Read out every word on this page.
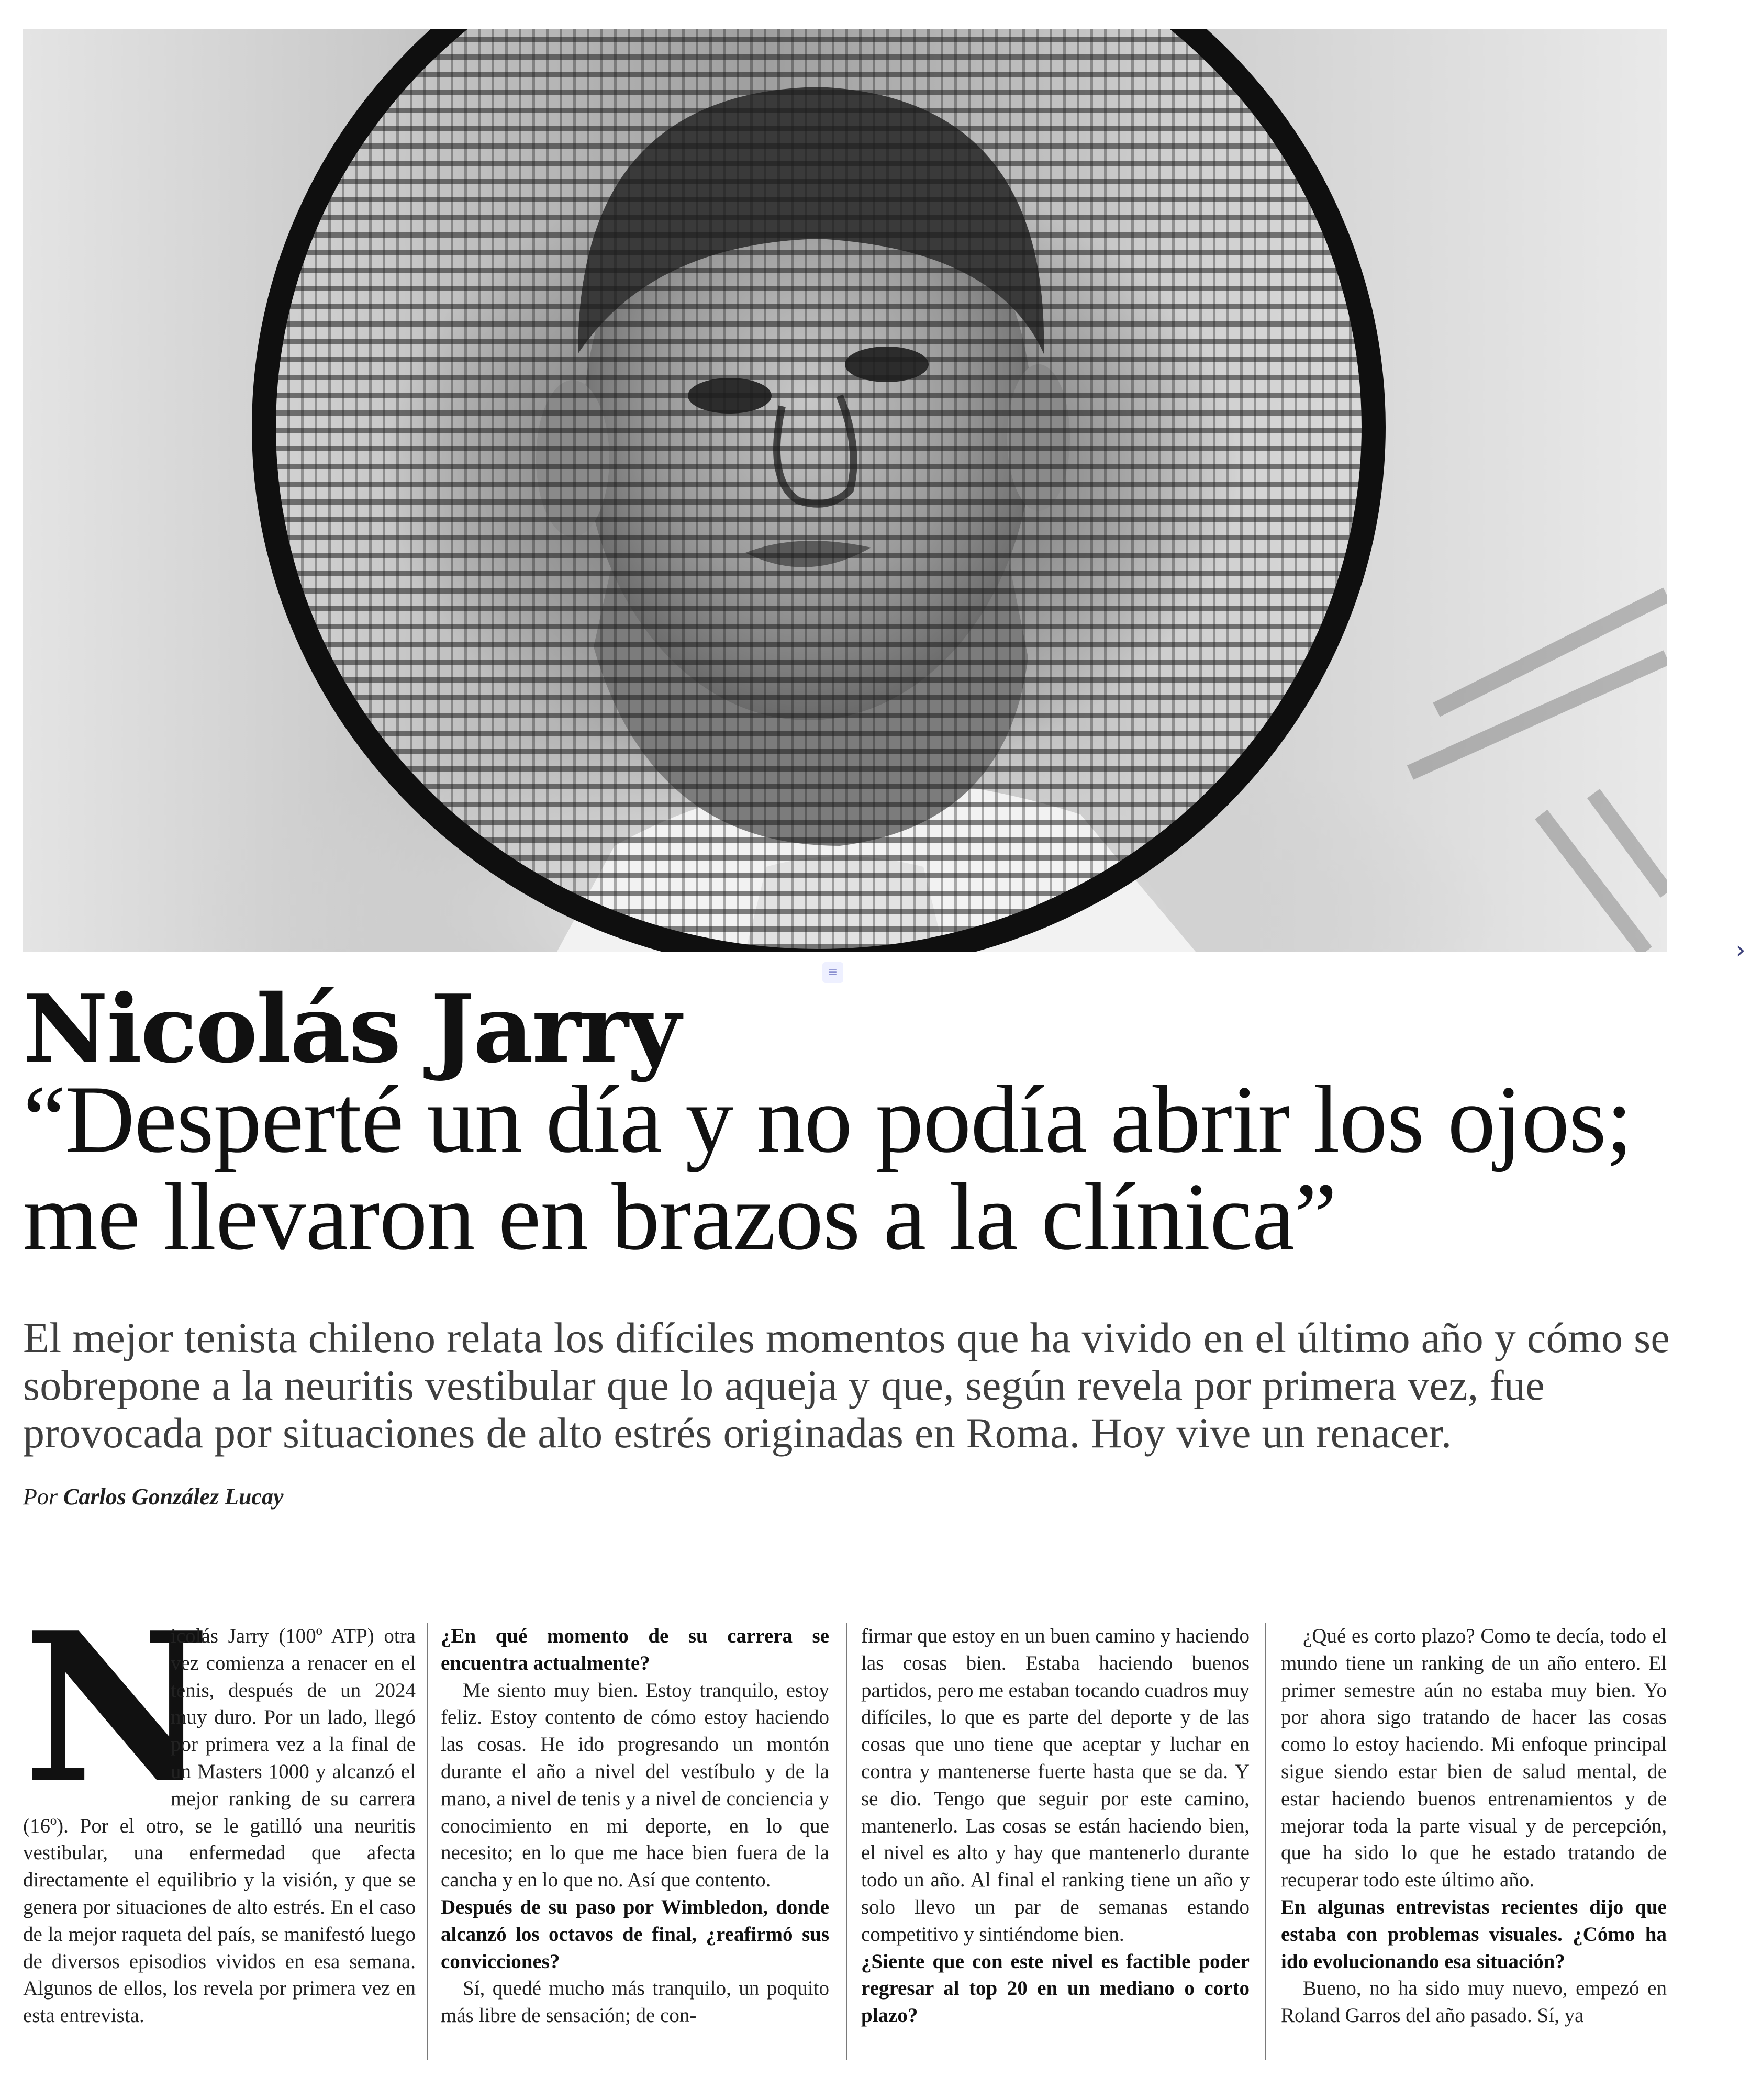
≡
›
Nicolás Jarry
“Desperté un día y no podía abrir los ojos; me llevaron en brazos a la clínica”

El mejor tenista chileno relata los difíciles momentos que ha vivido en el último año y cómo se sobrepone a la neuritis vestibular que lo aqueja y que, según revela por primera vez, fue provocada por situaciones de alto estrés originadas en Roma. Hoy vive un renacer.

Por Carlos González Lucay

N

icolás Jarry (100º ATP) otra vez comienza a renacer en el tenis, después de un 2024 muy duro. Por un lado, llegó por primera vez a la final de un Masters 1000 y alcanzó el mejor ranking de su carrera (16º). Por el otro, se le gatilló una neuritis vestibular, una enfermedad que afecta directamente el equilibrio y la visión, y que se genera por situaciones de alto estrés. En el caso de la mejor raqueta del país, se manifestó luego de diversos episodios vividos en esa semana. Algunos de ellos, los revela por primera vez en esta entrevista.

¿En qué momento de su carrera se encuentra actualmente?

Me siento muy bien. Estoy tranquilo, estoy feliz. Estoy contento de cómo estoy haciendo las cosas. He ido progresando un montón durante el año a nivel del vestíbulo y de la mano, a nivel de tenis y a nivel de conciencia y conocimiento en mi deporte, en lo que necesito; en lo que me hace bien fuera de la cancha y en lo que no. Así que contento.

Después de su paso por Wimbledon, donde alcanzó los octavos de final, ¿reafirmó sus convicciones?

Sí, quedé mucho más tranquilo, un poquito más libre de sensación; de con-

firmar que estoy en un buen camino y haciendo las cosas bien. Estaba haciendo buenos partidos, pero me estaban tocando cuadros muy difíciles, lo que es parte del deporte y de las cosas que uno tiene que aceptar y luchar en contra y mantenerse fuerte hasta que se da. Y se dio. Tengo que seguir por este camino, mantenerlo. Las cosas se están haciendo bien, el nivel es alto y hay que mantenerlo durante todo un año. Al final el ranking tiene un año y solo llevo un par de semanas estando competitivo y sintiéndome bien.

¿Siente que con este nivel es factible poder regresar al top 20 en un mediano o corto plazo?

¿Qué es corto plazo? Como te decía, todo el mundo tiene un ranking de un año entero. El primer semestre aún no estaba muy bien. Yo por ahora sigo tratando de hacer las cosas como lo estoy haciendo. Mi enfoque principal sigue siendo estar bien de salud mental, de estar haciendo buenos entrenamientos y de mejorar toda la parte visual y de percepción, que ha sido lo que he estado tratando de recuperar todo este último año.

En algunas entrevistas recientes dijo que estaba con problemas visuales. ¿Cómo ha ido evolucionando esa situación?

Bueno, no ha sido muy nuevo, empezó en Roland Garros del año pasado. Sí, ya
